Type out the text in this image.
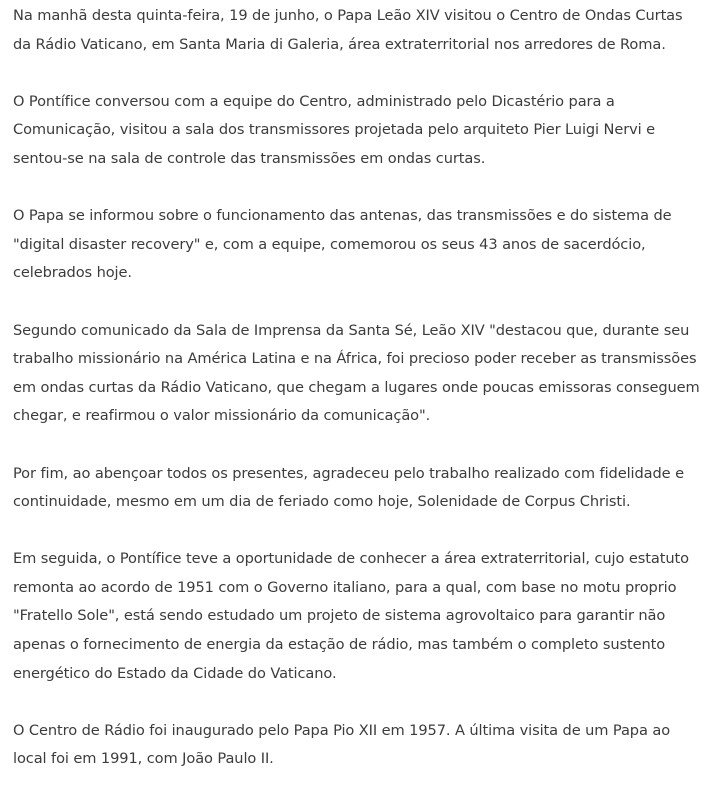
Na manhã desta quinta-feira, 19 de junho, o Papa Leão XIV visitou o Centro de Ondas Curtas da Rádio Vaticano, em Santa Maria di Galeria, área extraterritorial nos arredores de Roma.

O Pontífice conversou com a equipe do Centro, administrado pelo Dicastério para a Comunicação, visitou a sala dos transmissores projetada pelo arquiteto Pier Luigi Nervi e sentou-se na sala de controle das transmissões em ondas curtas.

O Papa se informou sobre o funcionamento das antenas, das transmissões e do sistema de "digital disaster recovery" e, com a equipe, comemorou os seus 43 anos de sacerdócio, celebrados hoje.

Segundo comunicado da Sala de Imprensa da Santa Sé, Leão XIV "destacou que, durante seu trabalho missionário na América Latina e na África, foi precioso poder receber as transmissões em ondas curtas da Rádio Vaticano, que chegam a lugares onde poucas emissoras conseguem chegar, e reafirmou o valor missionário da comunicação".

Por fim, ao abençoar todos os presentes, agradeceu pelo trabalho realizado com fidelidade e continuidade, mesmo em um dia de feriado como hoje, Solenidade de Corpus Christi.

Em seguida, o Pontífice teve a oportunidade de conhecer a área extraterritorial, cujo estatuto remonta ao acordo de 1951 com o Governo italiano, para a qual, com base no motu proprio "Fratello Sole", está sendo estudado um projeto de sistema agrovoltaico para garantir não apenas o fornecimento de energia da estação de rádio, mas também o completo sustento energético do Estado da Cidade do Vaticano.

O Centro de Rádio foi inaugurado pelo Papa Pio XII em 1957. A última visita de um Papa ao local foi em 1991, com João Paulo II.
